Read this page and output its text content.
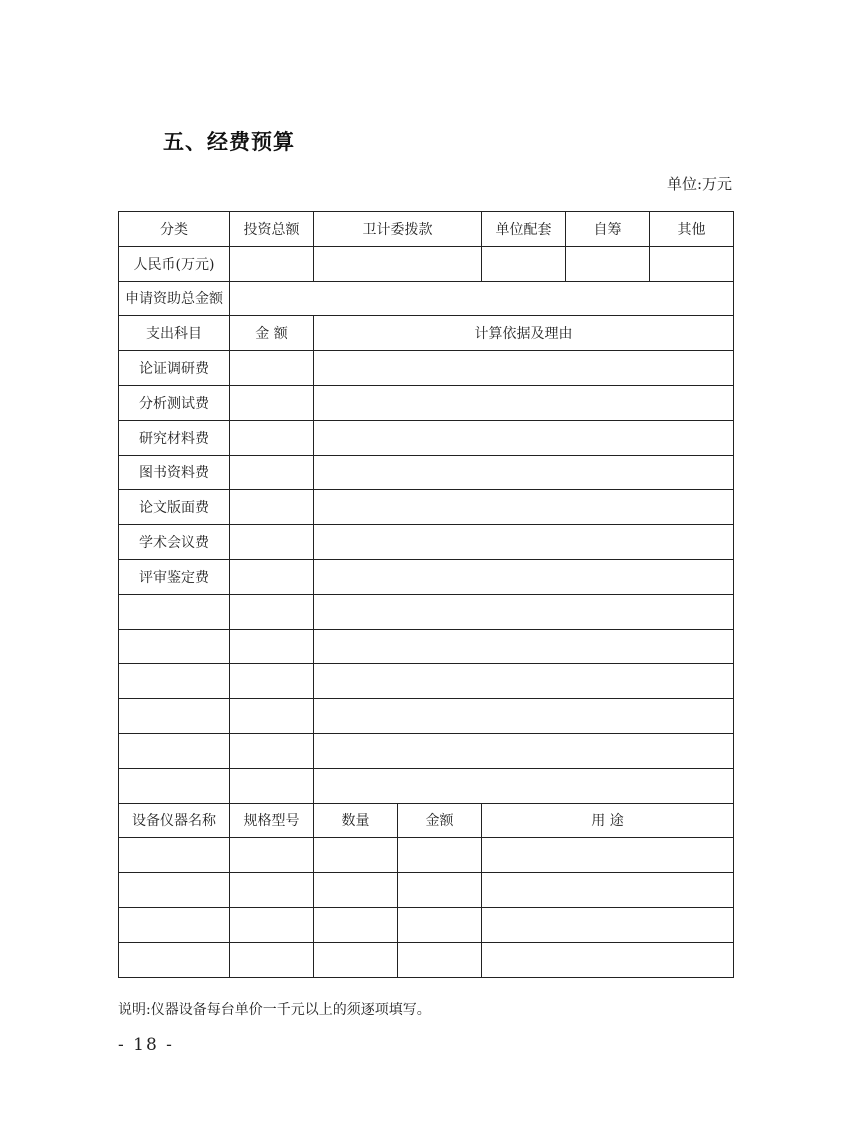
五、经费预算
单位:万元
分类	投资总额	卫计委拨款		单位配套	自筹	其他
人民币(万元)						
申请资助总金额						
支出科目	金 额	计算依据及理由				
论证调研费						
分析测试费						
研究材料费						
图书资料费						
论文版面费						
学术会议费						
评审鉴定费						

设备仪器名称	规格型号	数量	金额	用 途		

说明:仪器设备每台单价一千元以上的须逐项填写。
- 18 -
